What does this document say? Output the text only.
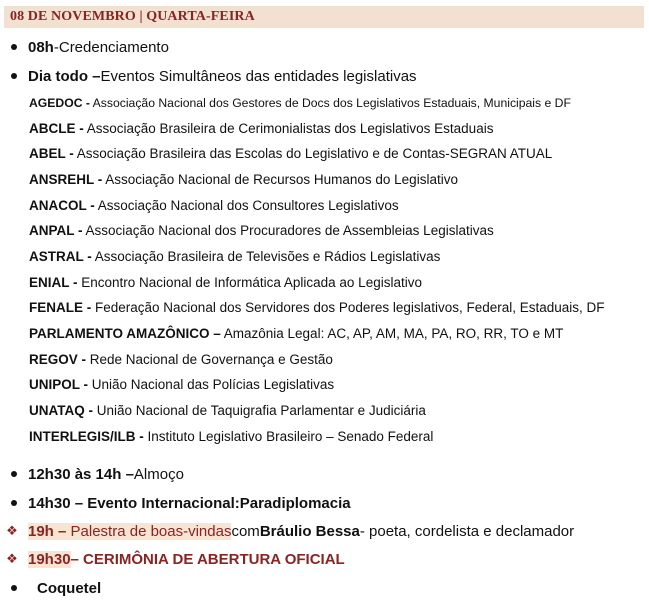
08 DE NOVEMBRO | QUARTA-FEIRA
08h - Credenciamento
Dia todo – Eventos Simultâneos das entidades legislativas
AGEDOC - Associação Nacional dos Gestores de Docs dos Legislativos Estaduais, Municipais e DF
ABCLE - Associação Brasileira de Cerimonialistas dos Legislativos Estaduais
ABEL - Associação Brasileira das Escolas do Legislativo e de Contas-SEGRAN ATUAL
ANSREHL - Associação Nacional de Recursos Humanos do Legislativo
ANACOL - Associação Nacional dos Consultores Legislativos
ANPAL - Associação Nacional dos Procuradores de Assembleias Legislativas
ASTRAL - Associação Brasileira de Televisões e Rádios Legislativas
ENIAL - Encontro Nacional de Informática Aplicada ao Legislativo
FENALE - Federação Nacional dos Servidores dos Poderes legislativos, Federal, Estaduais, DF
PARLAMENTO AMAZÔNICO – Amazônia Legal: AC, AP, AM, MA, PA, RO, RR, TO e MT
REGOV - Rede Nacional de Governança e Gestão
UNIPOL - União Nacional das Polícias Legislativas
UNATAQ - União Nacional de Taquigrafia Parlamentar e Judiciária
INTERLEGIS/ILB - Instituto Legislativo Brasileiro – Senado Federal
12h30 às 14h – Almoço
14h30 – Evento Internacional: Paradiplomacia
❖ 19h – Palestra de boas-vindas com Bráulio Bessa - poeta, cordelista e declamador
❖ 19h30 – CERIMÔNIA DE ABERTURA OFICIAL
Coquetel
